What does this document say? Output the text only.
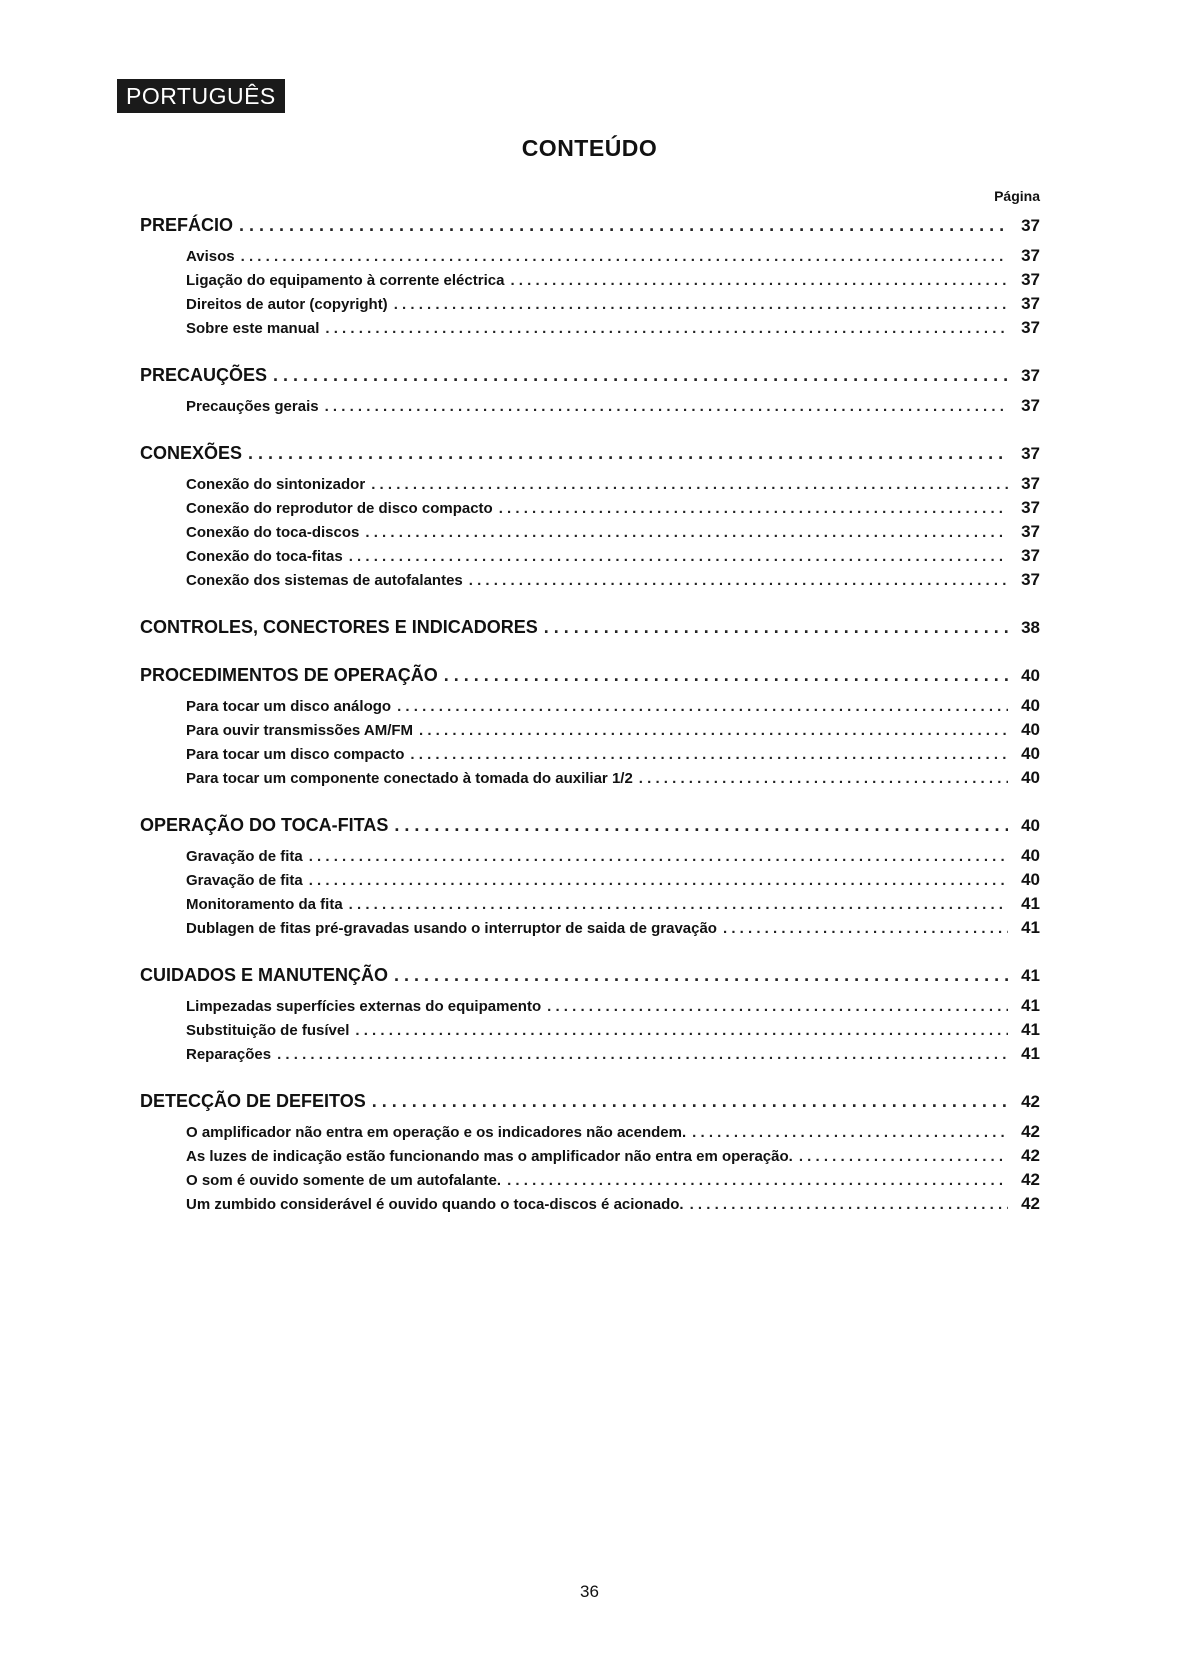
PORTUGUÊS
CONTEÚDO
Página
PREFÁCIO . . .	37
Avisos . . .	37
Ligação do equipamento à corrente eléctrica . . .	37
Direitos de autor (copyright) . . .	37
Sobre este manual . . .	37
PRECAUÇÕES . . .	37
Precauções gerais . . .	37
CONEXÕES . . .	37
Conexão do sintonizador . . .	37
Conexão do reprodutor de disco compacto . . .	37
Conexão do toca-discos . . .	37
Conexão do toca-fitas . . .	37
Conexão dos sistemas de autofalantes . . .	37
CONTROLES, CONECTORES E INDICADORES . . .	38
PROCEDIMENTOS DE OPERAÇÃO . . .	40
Para tocar um disco análogo . . .	40
Para ouvir transmissões AM/FM . . .	40
Para tocar um disco compacto . . .	40
Para tocar um componente conectado à tomada do auxiliar 1/2 . . .	40
OPERAÇÃO DO TOCA-FITAS . . .	40
Gravação de fita . . .	40
Gravação de fita . . .	40
Monitoramento da fita . . .	41
Dublagen de fitas pré-gravadas usando o interruptor de saida de gravação . . .	41
CUIDADOS E MANUTENÇÃO . . .	41
Limpezadas superfícies externas do equipamento . . .	41
Substituição de fusível . . .	41
Reparações . . .	41
DETECÇÃO DE DEFEITOS . . .	42
O amplificador não entra em operação e os indicadores não acendem. . . .	42
As luzes de indicação estão funcionando mas o amplificador não entra em operação. . . .	42
O som é ouvido somente de um autofalante. . . .	42
Um zumbido considerável é ouvido quando o toca-discos é acionado. . . .	42
36
